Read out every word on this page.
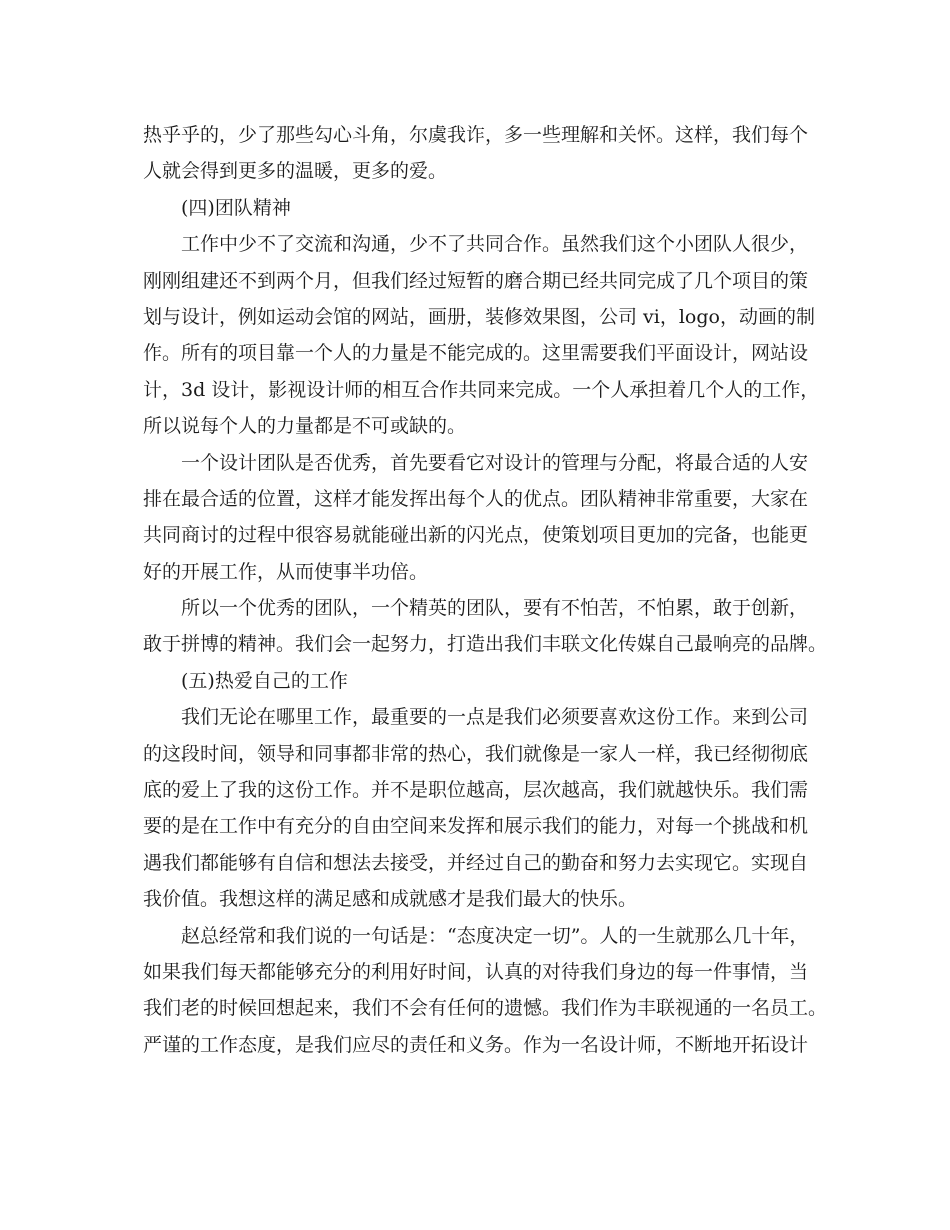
热乎乎的，少了那些勾心斗角，尔虞我诈，多一些理解和关怀。这样，我们每个
人就会得到更多的温暖，更多的爱。
(四)团队精神
工作中少不了交流和沟通，少不了共同合作。虽然我们这个小团队人很少，
刚刚组建还不到两个月，但我们经过短暂的磨合期已经共同完成了几个项目的策
划与设计，例如运动会馆的网站，画册，装修效果图，公司 vi，logo，动画的制
作。所有的项目靠一个人的力量是不能完成的。这里需要我们平面设计，网站设
计，3d 设计，影视设计师的相互合作共同来完成。一个人承担着几个人的工作，
所以说每个人的力量都是不可或缺的。
一个设计团队是否优秀，首先要看它对设计的管理与分配，将最合适的人安
排在最合适的位置，这样才能发挥出每个人的优点。团队精神非常重要，大家在
共同商讨的过程中很容易就能碰出新的闪光点，使策划项目更加的完备，也能更
好的开展工作，从而使事半功倍。
所以一个优秀的团队，一个精英的团队，要有不怕苦，不怕累，敢于创新，
敢于拼博的精神。我们会一起努力，打造出我们丰联文化传媒自己最响亮的品牌。
(五)热爱自己的工作
我们无论在哪里工作，最重要的一点是我们必须要喜欢这份工作。来到公司
的这段时间，领导和同事都非常的热心，我们就像是一家人一样，我已经彻彻底
底的爱上了我的这份工作。并不是职位越高，层次越高，我们就越快乐。我们需
要的是在工作中有充分的自由空间来发挥和展示我们的能力，对每一个挑战和机
遇我们都能够有自信和想法去接受，并经过自己的勤奋和努力去实现它。实现自
我价值。我想这样的满足感和成就感才是我们最大的快乐。
赵总经常和我们说的一句话是：“态度决定一切”。人的一生就那么几十年，
如果我们每天都能够充分的利用好时间，认真的对待我们身边的每一件事情，当
我们老的时候回想起来，我们不会有任何的遗憾。我们作为丰联视通的一名员工。
严谨的工作态度，是我们应尽的责任和义务。作为一名设计师，不断地开拓设计
